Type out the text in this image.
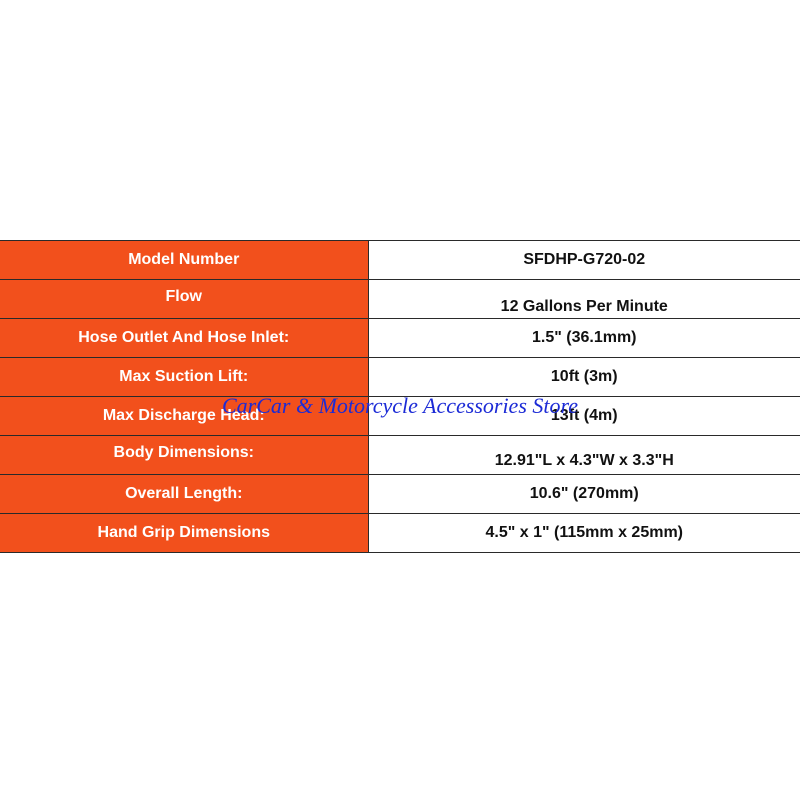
Model Number	SFDHP-G720-02
Flow	12 Gallons Per Minute
Hose Outlet And Hose Inlet:	1.5" (36.1mm)
Max Suction Lift:	10ft (3m)
Max Discharge Head:	13ft (4m)
Body Dimensions:	12.91"L x 4.3"W x 3.3"H
Overall Length:	10.6" (270mm)
Hand Grip Dimensions	4.5" x 1" (115mm x 25mm)
CarCar & Motorcycle Accessories Store
